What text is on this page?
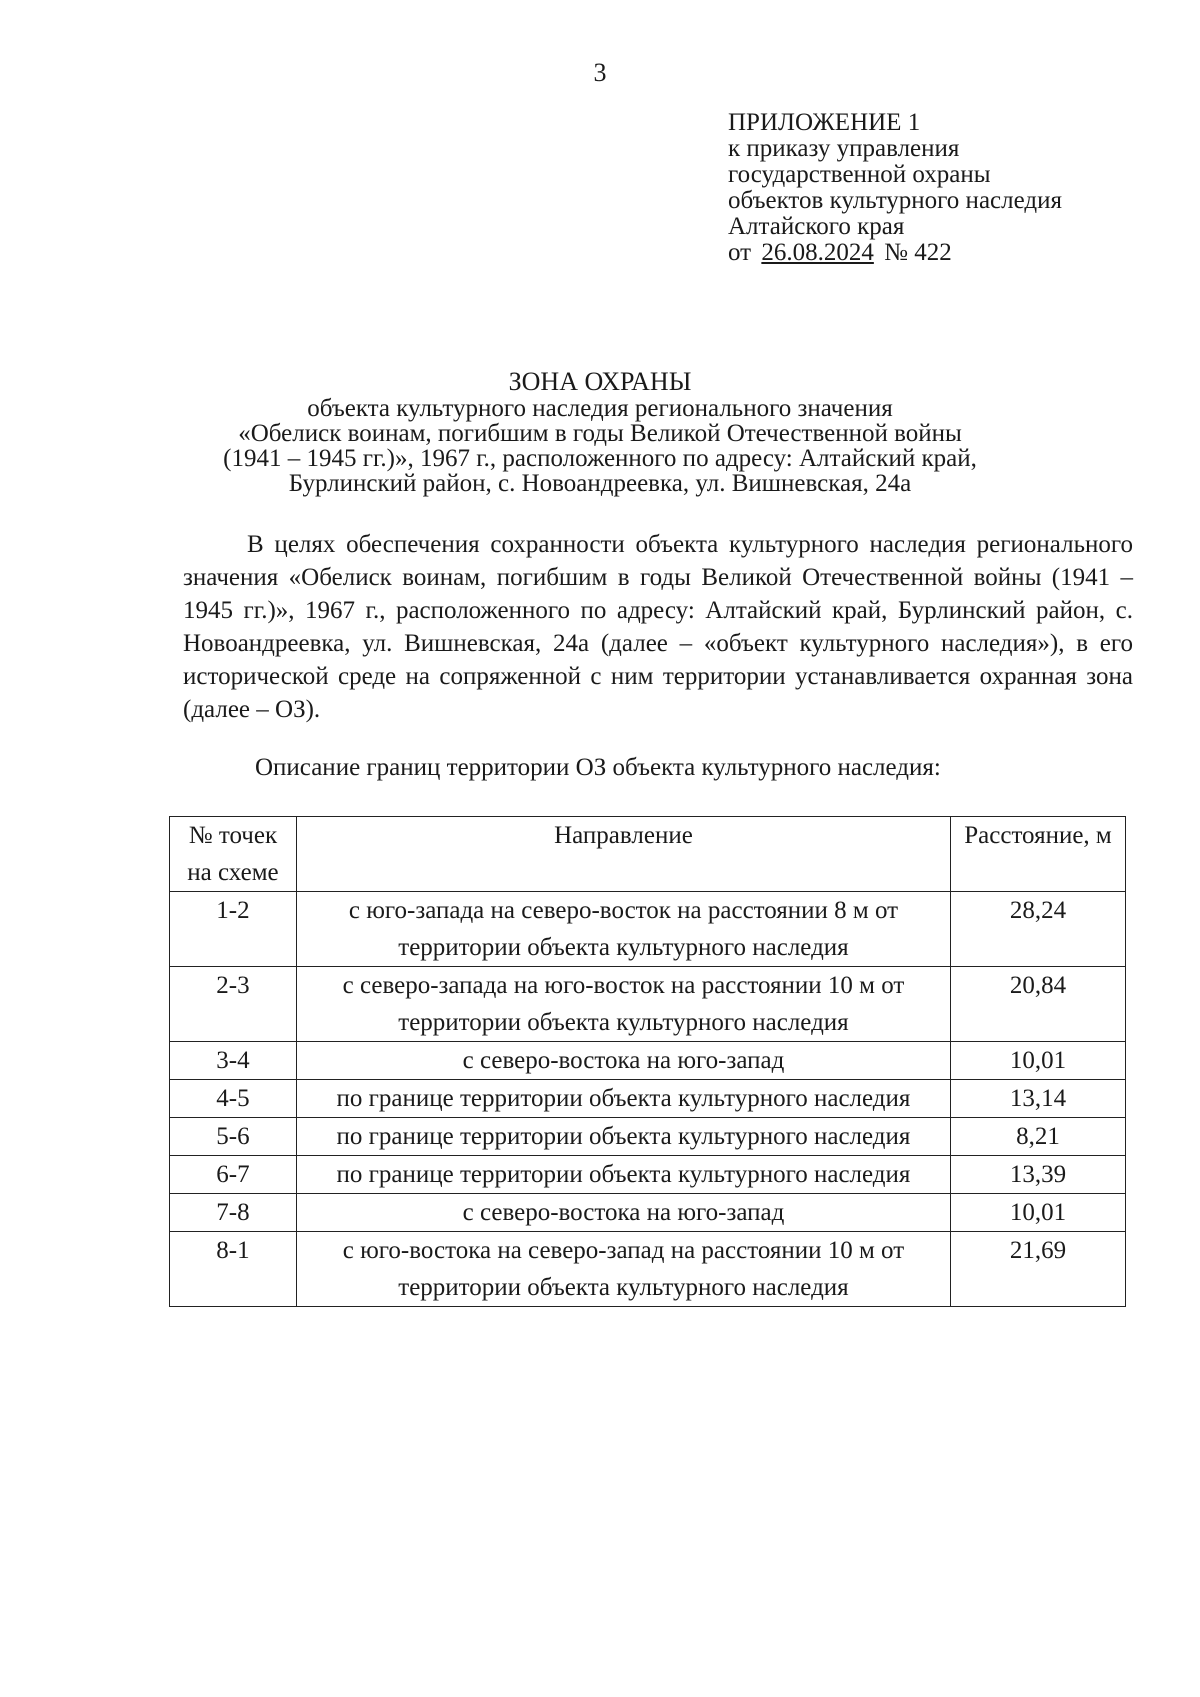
3
ПРИЛОЖЕНИЕ 1
к приказу управления
государственной охраны
объектов культурного наследия
Алтайского края
от 26.08.2024 № 422
ЗОНА ОХРАНЫ
объекта культурного наследия регионального значения
«Обелиск воинам, погибшим в годы Великой Отечественной войны
(1941 – 1945 гг.)», 1967 г., расположенного по адресу: Алтайский край,
Бурлинский район, с. Новоандреевка, ул. Вишневская, 24а

В целях обеспечения сохранности объекта культурного наследия регионального значения «Обелиск воинам, погибшим в годы Великой Отечественной войны (1941 – 1945 гг.)», 1967 г., расположенного по адресу: Алтайский край, Бурлинский район, с. Новоандреевка, ул. Вишневская, 24а (далее – «объект культурного наследия»), в его исторической среде на сопряженной с ним территории устанавливается охранная зона (далее – ОЗ).

Описание границ территории ОЗ объекта культурного наследия:
№ точек на схеме	Направление	Расстояние, м
1-2	с юго-запада на северо-восток на расстоянии 8 м от территории объекта культурного наследия	28,24
2-3	с северо-запада на юго-восток на расстоянии 10 м от территории объекта культурного наследия	20,84
3-4	с северо-востока на юго-запад	10,01
4-5	по границе территории объекта культурного наследия	13,14
5-6	по границе территории объекта культурного наследия	8,21
6-7	по границе территории объекта культурного наследия	13,39
7-8	с северо-востока на юго-запад	10,01
8-1	с юго-востока на северо-запад на расстоянии 10 м от территории объекта культурного наследия	21,69
